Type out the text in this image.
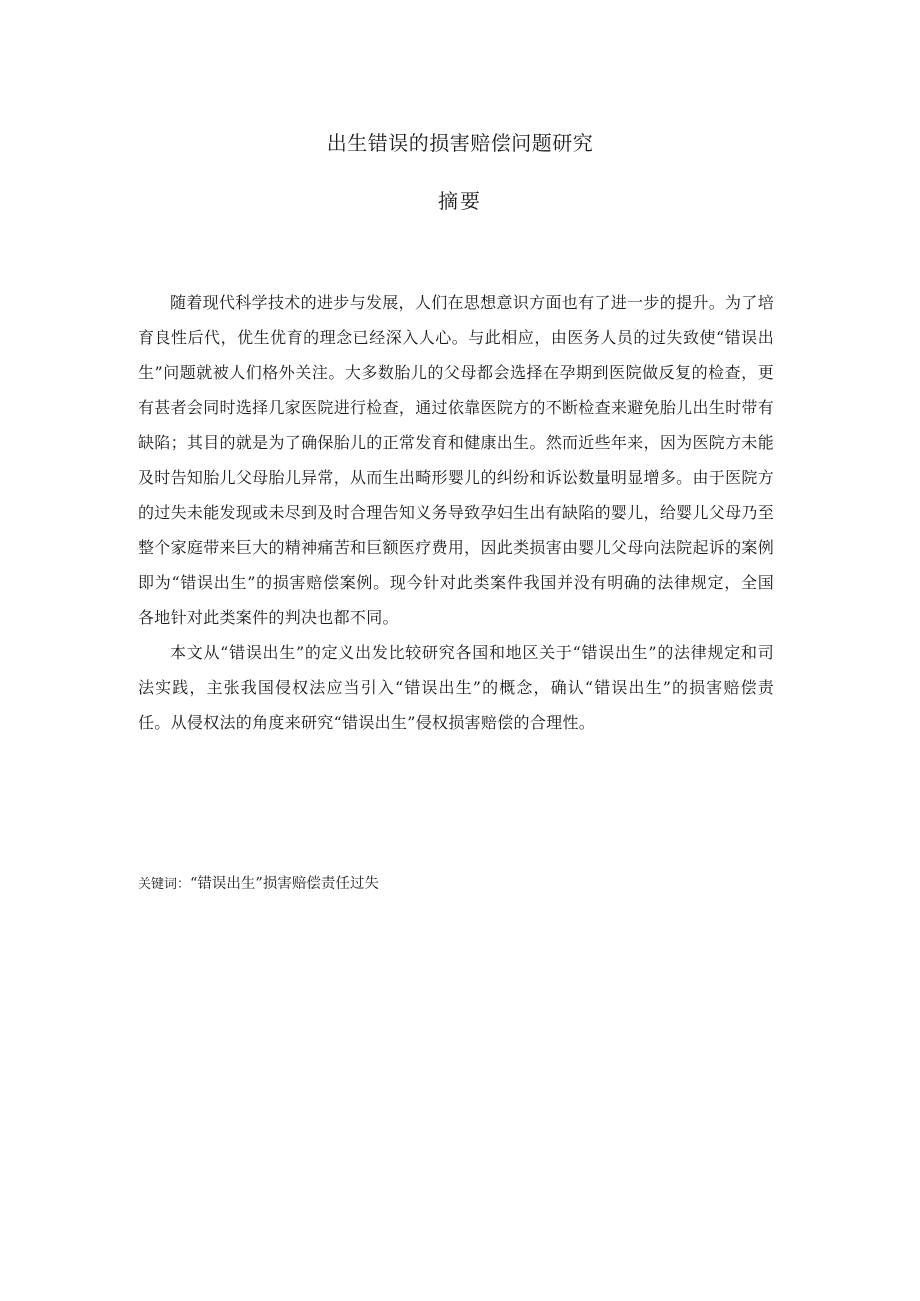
出生错误的损害赔偿问题研究
摘要

随着现代科学技术的进步与发展，人们在思想意识方面也有了进一步的提升。为了培育良性后代，优生优育的理念已经深入人心。与此相应，由医务人员的过失致使“错误出生”问题就被人们格外关注。大多数胎儿的父母都会选择在孕期到医院做反复的检查，更有甚者会同时选择几家医院进行检查，通过依靠医院方的不断检查来避免胎儿出生时带有缺陷；其目的就是为了确保胎儿的正常发育和健康出生。然而近些年来，因为医院方未能及时告知胎儿父母胎儿异常，从而生出畸形婴儿的纠纷和诉讼数量明显增多。由于医院方的过失未能发现或未尽到及时合理告知义务导致孕妇生出有缺陷的婴儿，给婴儿父母乃至整个家庭带来巨大的精神痛苦和巨额医疗费用，因此类损害由婴儿父母向法院起诉的案例即为“错误出生”的损害赔偿案例。现今针对此类案件我国并没有明确的法律规定，全国各地针对此类案件的判决也都不同。

本文从“错误出生”的定义出发比较研究各国和地区关于“错误出生”的法律规定和司法实践，主张我国侵权法应当引入“错误出生”的概念，确认“错误出生”的损害赔偿责任。从侵权法的角度来研究“错误出生”侵权损害赔偿的合理性。

关键词：“错误出生”损害赔偿责任过失
